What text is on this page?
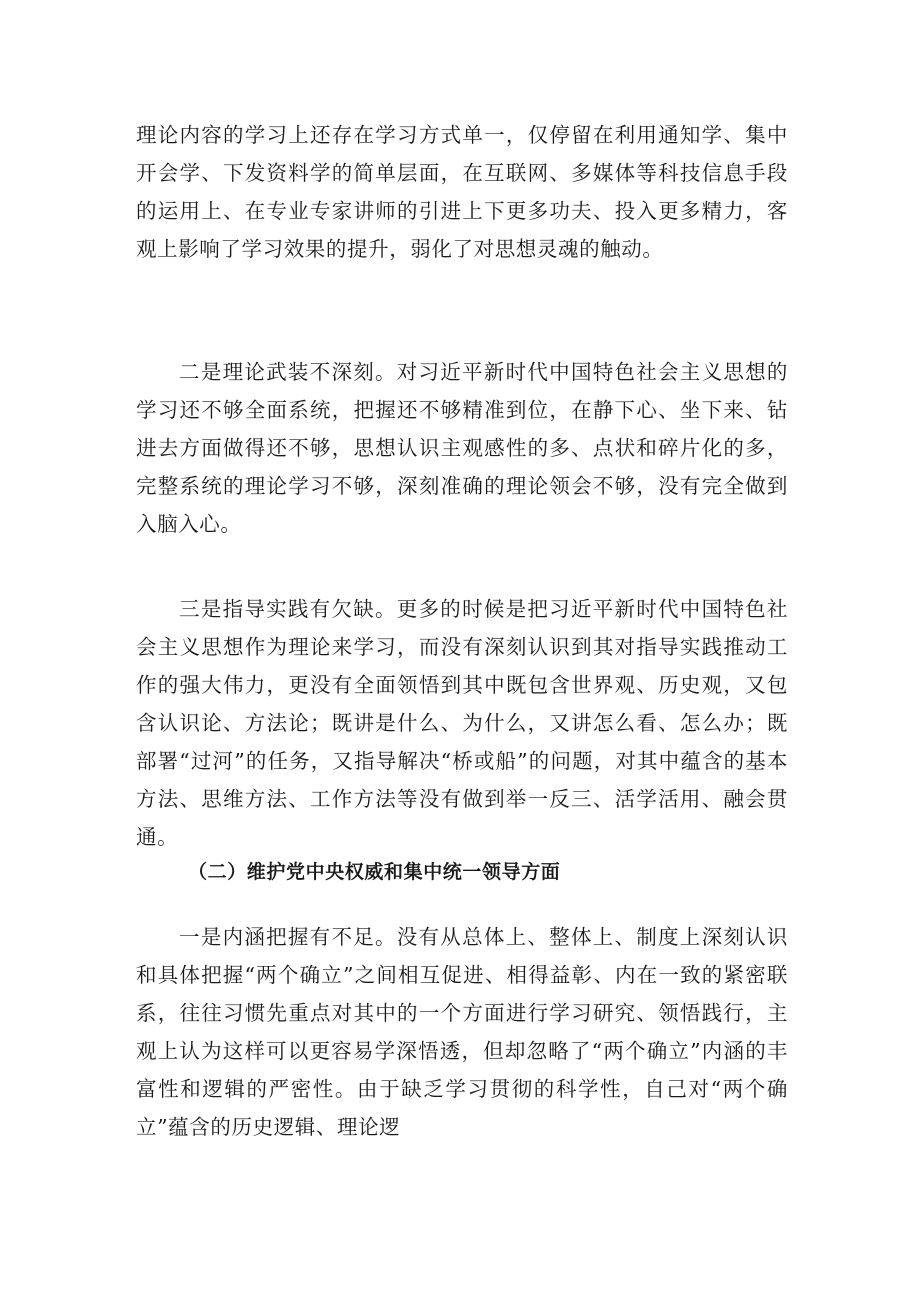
理论内容的学习上还存在学习方式单一，仅停留在利用通知学、集中开会学、下发资料学的简单层面，在互联网、多媒体等科技信息手段的运用上、在专业专家讲师的引进上下更多功夫、投入更多精力，客观上影响了学习效果的提升，弱化了对思想灵魂的触动。

二是理论武装不深刻。对习近平新时代中国特色社会主义思想的学习还不够全面系统，把握还不够精准到位，在静下心、坐下来、钻进去方面做得还不够，思想认识主观感性的多、点状和碎片化的多，完整系统的理论学习不够，深刻准确的理论领会不够，没有完全做到入脑入心。

三是指导实践有欠缺。更多的时候是把习近平新时代中国特色社会主义思想作为理论来学习，而没有深刻认识到其对指导实践推动工作的强大伟力，更没有全面领悟到其中既包含世界观、历史观，又包含认识论、方法论；既讲是什么、为什么，又讲怎么看、怎么办；既部署“过河”的任务，又指导解决“桥或船”的问题，对其中蕴含的基本方法、思维方法、工作方法等没有做到举一反三、活学活用、融会贯通。

（二）维护党中央权威和集中统一领导方面

一是内涵把握有不足。没有从总体上、整体上、制度上深刻认识和具体把握“两个确立”之间相互促进、相得益彰、内在一致的紧密联系，往往习惯先重点对其中的一个方面进行学习研究、领悟践行，主观上认为这样可以更容易学深悟透，但却忽略了“两个确立”内涵的丰富性和逻辑的严密性。由于缺乏学习贯彻的科学性，自己对“两个确立”蕴含的历史逻辑、理论逻
